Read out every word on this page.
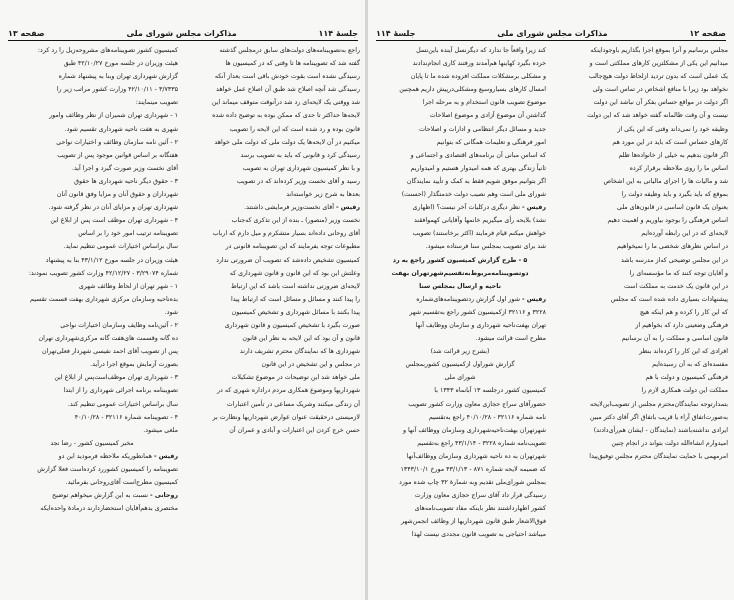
جلسهٔ ۱۱۴
مذاکرات مجلس شورای ملی
صفحه ۱۳

راجع به‌تصویبنامه‌های دولت‌های سابق درمجلس گذشته

گفته شد که تصویبنامه ها تا وقتی که در کمیسیون ها

رسیدگی نشده است بقوت خودش باقی است بعداز آنکه

رسیدگی شد آنچه اصلاح شد طبق آن اصلاح عمل خواهد

شد ووقتی یک لایحه‌ای رد شد درآنوقت متوقف میماند این

لایحه‌ها حداکثر تا حدی که ممکن بوده به توضیح داده شده

قانون بوده و رد شده است که این لایحه را تصویب

میکنیم در آن لایحه‌ها یک دولت ملی که دولت ملی خواهد

رسیدگی کرد و قانونی که باید به تصویب برسد

و با نظر کمیسیون شهرداری تهران به تصویب

رسید و آقای نخست وزیر کرده‌اند که در تصویب

بعدها به شرح زیر خواسته‌اند

رفیس - آقای نخست‌وزیر فرمایشی داشتند.

نخست وزیر (منصور) ـ بنده‌ از این تذکری که‌جناب

آقای روحانی داده‌اند بسیار متشکرم و میل دارم که ارباب

مطبوعات توجه بفرمایند که این تصویبنامه قانونی در

کمیسیون تشخیص داده‌شد که تصویب آن ضرورتی ندارد

وعلتش این بود که این قانون و قانون شهرداری که

لایحه‌ای ضرورتی نداشته است باشد که این ارتباط

را پیدا کنند و مسائل و مسائل است که ارتباط پیدا

پیدا بکنند با مسائل شهرداری و تشخیص کمیسیون

صورت بگیرد با تشخیص کمیسیون و قانون شهرداری

قانون و آن بود که این لایحه به نظر این قانون

شهرداری ها که نمایندگان محترم تشریف دارند

در مجلس و این تشخیص در این قانون

ملی خواهد شد این توضیحات در موضوع تشکیلات

شهرداریها وموضوع همکاری مردم دراداره شهری که در

آن زندگی میکنند وشریک مساعی در تأمین اعتبارات

لازمیستی درحقیقت عنوان عوارض شهرداریها ونظارت بر

حسن خرج کردن این اعتبارات و آبادی و عمران آن

کمیسیون کشور تصویبنامه‌های مشروحه‌زیل را رد کرد:

هیئت وزیران در جلسه مورخ ۴۲/۱۰/۲۷ طبق

گزارش شهرداری تهران وبنا به پیشنهاد شماره

۳/۷۳۳۵ - ۴۲/۱۰/۱۱ وزارت کشور مراتب زیر را

تصویب مینمایند:

۱ - شهرداری تهران شمیران از نظر وظائف وامور

شهری به هفت ناحیه شهرداری تقسیم شود.

۲ - آئین نامه سازمان وظائف و اختیارات نواحی

هفتگانه بر اساس قوانین موجود پس از تصویب

آقای نخست وزیر صورت گیرد و اجرا آید.

۳ - حقوق دیگر ناحیه شهرداری ها حقوق

شهرداران و حقوق آنان و مزایا وفق قانون آنان

شهرداری تهران و مزایای آنان در نظر گرفته شود.

۴ - شهرداری تهران موظف است پس از ابلاغ این

تصویبنامه ترتیب امور خود را بر اساس

سال براساس اختیارات عمومی تنظیم نماید.

هیئت وزیران در جلسه مورخ ۴۳/۱/۱۲ بنا به پیشنهاد

شماره ۳/۲۹۰۷۴ - ۴۲/۱۲/۲۷ وزارت کشور تصویب نمودند:

۱ - شهر تهران از لحاظ وظائف شهری

بده‌ناحیه وسازمان مرکزی شهرداری بهفت قسمت تقسیم

شود.

۲ - آئین‌نامه وظایف وسازمان اختیارات نواحی

ده گانه وقسمت های‌هفت گانه مرکزی‌شهرداری تهران

پس از تصویب آقای احمد نفیسی شهردار فعلی‌تهران

بصورت آزمایش بموقع اجرا درآید.

۳ - شهرداری تهران موظف‌است‌پس از ابلاغ این

تصویبنامه برنامه اجرائی شهرداری را از ابتدا

سال براساس اختیارات عمومی تنظیم کند.

۴ - تصویبنامه شماره ۳۲۱۱۶ - ۴۰/۱۰/۲۸

ملغی میشود.

مخبر کمیسیون کشور - رضا نجد

رفیس - همانطوریکه ملاحظه فرمودید این دو

تصویبنامه‌ را کمیسیون کشوررد کرده‌است فعلا گزارش

کمیسیون مطرح‌است آقای‌روحانی بفرمائید.

روحانی - نسبت به این گزارش میخواهم توضیح

مختصری بدهم‌آقایان استحضاردارند درمادهٔ واحده‌ایکه

صفحه ۱۲
مذاکرات مجلس شورای ملی
جلسهٔ ۱۱۴

مجلس برسانیم و آنرا بموقع اجرا بگذاریم باوجوداینکه

میدانیم این یکی از مشکلترین کارهای مملکتی است و

یک عملی است که بدون تردید ازلحاظ دولت هیچ‌جالب

نخواهد بود زیرا با منافع اشخاص در تماس است ولی

اگر دولت در مواقع حساس بفکر آن نباشد این دولت

نیست و آن وقت ظالمانه گفته خواهد شد که این دولت

وظیفه خود را نمی‌داند وقتی که این یکی از

کارهای حساس است که باید در این مورد هم

اگر قانون بدهیم به خیلی از خانواده‌ها ظلم

اساس ما را روی ملاحظه برقرار کرده

شد و مالیات ها را اجرای مالیاتی به این اشخاص

بموقع که باید بگیرد و باید وظیفه دولت را

بعنوان یک قانون اساسی در قانون‌های ملی

اساس فرهنگی را بوجود بیاوریم و اهمیت دهیم

لایحه‌ای که در این رابطه آورده‌ایم

در اساس نظرهای شخصی ما را نمیخواهیم

در این مجلس توضیحی که‌از مدرسه باشد

و آقایان توجه کنند که‌ ما مؤسسه‌ای را

در این قانون یک خدمت به مملکت است

پیشنهادات بسیاری داده شده است که مجلس

که این کار را کرده و هم اینکه هیچ

فرهنگی وضعیتی دارد که بخواهیم از

قانون اساسی و مملکت را به آن برسانیم

افرادی که این کار را کرده‌اند بنظر

مفسده‌ای که به آن رسیده‌ایم

فرهنگی کمیسیون و دولت با هم

مملکت این دولت همکاری لازم را

بتمدارتوجه نمایندگان‌محترم مجلس از تصویب‌این‌لایحه

به‌صورت‌اتفاق آراء یا قریب باتفاق اگر آقای دکتر مبین

ایرادی نداشته‌باشند (نمایندگان - ایشان هم‌رأی‌دادند)

امیدوارم انشاءالله دولت بتواند در انجام چنین

امرمهمی با حمایت نمایندگان محترم مجلس توفیق‌پیدا

کند زیرا واقعاً جا ندارد که دیگرنسل آینده باین‌نسل

خرده بگیرد کهاینها هم‌آمدند ورفتند کاری انجام‌ندادند

و مشکلی برمشکلات مملکت افزوده شده ما تا پایان

امسال کارهای بسیاروسیع ومشکلی‌درپیش داریم همچنین

موضوع تصویب قانون استخدام و به مرحله اجرا

گذاشتن آن موضوع آزادی و موضوع اصلاحات

جدید و مسائل دیگر انتظامی و ادارات و اصلاحات

امور فرهنگی و تعلیمات همگانی که بتوانیم

که اساس مبانی آن برنامه‌های اقتصادی و اجتماعی و

ثانیاً زندگی بهتری که همه امیدوار هستیم و امیدواریم

اگر بتوانیم موفق شویم فقط به کمک و تأیید نمایندگان

شورای ملی است وهم نصیب دولت خدمتگذار (احسنت)

رفیس - نظر دیگری درکلیات آخر نیست؟ (اظهاری

نشد) بلایحه رأی میگیریم خانمها وآقایانی کهموافقند

خواهش میکنم قیام فرمایند (اکثر برخاستند) تصویب

شد برای تصویب بمجلس سنا فرستاده میشود.

۵ - طرح گزارش کمیسیون کشور راجع به رد

دوتصویبنامه‌مربوط‌به‌تقسیم‌شهرتهران بهفت

ناحیه و ارسال بمجلس سنا

رفیس - شور اول گزارش ردتصویبنامه‌های‌شماره

۳۲۲۸ و ۳۲۱۱۶ ازکمیسیون کشور راجع به‌تقسیم شهر

تهران بهفت‌ناحیه شهرداری و سازمان ووظایف آنها

مطرح است قرائت میشود.

(بشرح زیر قرائت شد)

گزارش شوراول ازکمیسیون کشوربمجلس

شورای ملی

کمیسیون کشور درجلسه ۱۳ آبانماه ۱۳۴۳ با

حضورآقای سراج حجازی معاون وزارت کشور تصویب

نامه شماره ۳۲۱۱۶ - ۴۰/۱۰/۲۸ راجع به‌تقسیم

شهرتهران بهفت‌ناحیه‌شهرداری وسازمان ووظائف آنها و

تصویب‌نامه شماره ۳۲۲۸ - ۴۳/۱/۱۴ راجع به‌تقسیم

شهرتهران به ده‌ ناحیه شهرداری وسازمان ووظائف‌آنها

که ضمیمه لایحه شماره ۸۷۱ - ۴۳/۱/۱۳ مورخ ۱۳۴۳/۱۰/۱

بمجلس شورای‌ملی تقدیم وبه شمارهٔ ۳۲ چاپ شده مورد

رسیدگی قرار داد آقای سراج حجازی معاون وزارت

کشور اظهارداشتند نظر باینکه مفاد تصویب‌نامه‌های

فوق‌الاشعار طبق قانون شهرداریها از وظائف انجمن‌شهر

میباشد احتیاجی به تصویب قانون مجددی نیست لهذا
